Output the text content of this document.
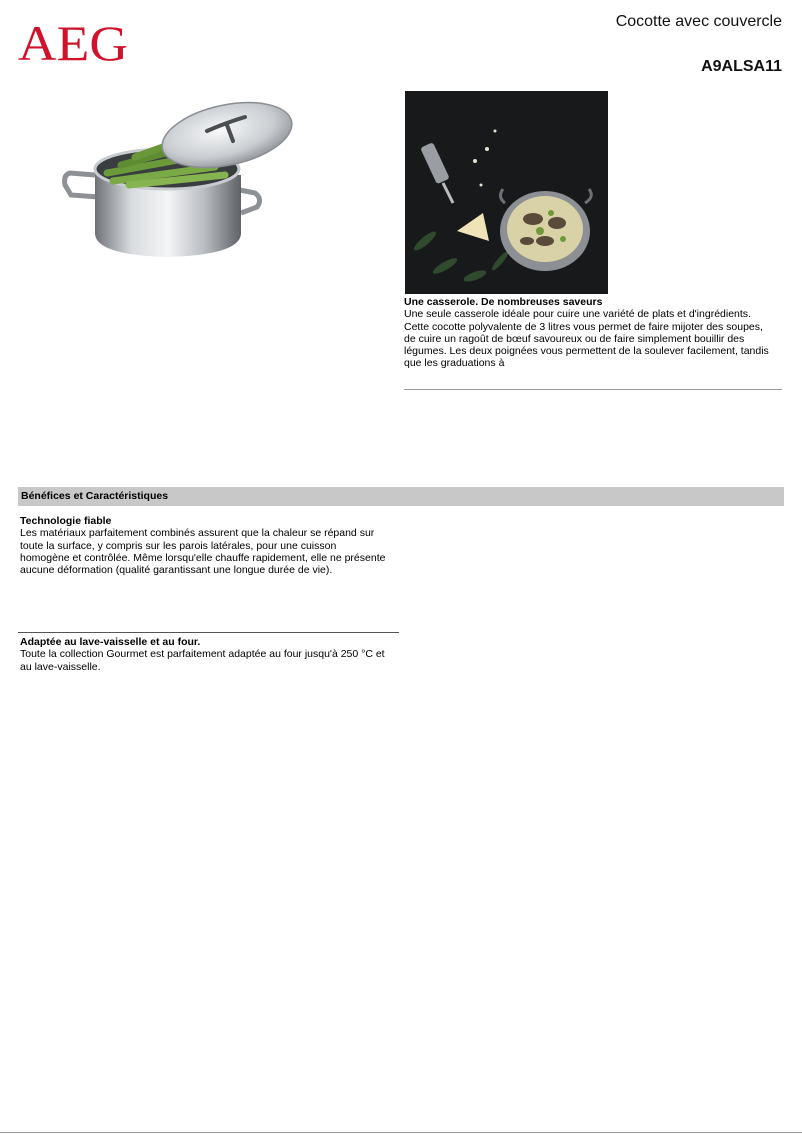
AEG	Cocotte avec couvercle
A9ALSA11
Une casserole. De nombreuses saveurs
Une seule casserole idéale pour cuire une variété de plats et d'ingrédients.
Cette cocotte polyvalente de 3 litres vous permet de faire mijoter des soupes,
de cuire un ragoût de bœuf savoureux ou de faire simplement bouillir des
légumes. Les deux poignées vous permettent de la soulever facilement, tandis
que les graduations à
Bénéfices et Caractéristiques
Technologie fiable
Les matériaux parfaitement combinés assurent que la chaleur se répand sur
toute la surface, y compris sur les parois latérales, pour une cuisson
homogène et contrôlée. Même lorsqu'elle chauffe rapidement, elle ne présente
aucune déformation (qualité garantissant une longue durée de vie).
Adaptée au lave-vaisselle et au four.
Toute la collection Gourmet est parfaitement adaptée au four jusqu'à 250 °C et
au lave-vaisselle.
